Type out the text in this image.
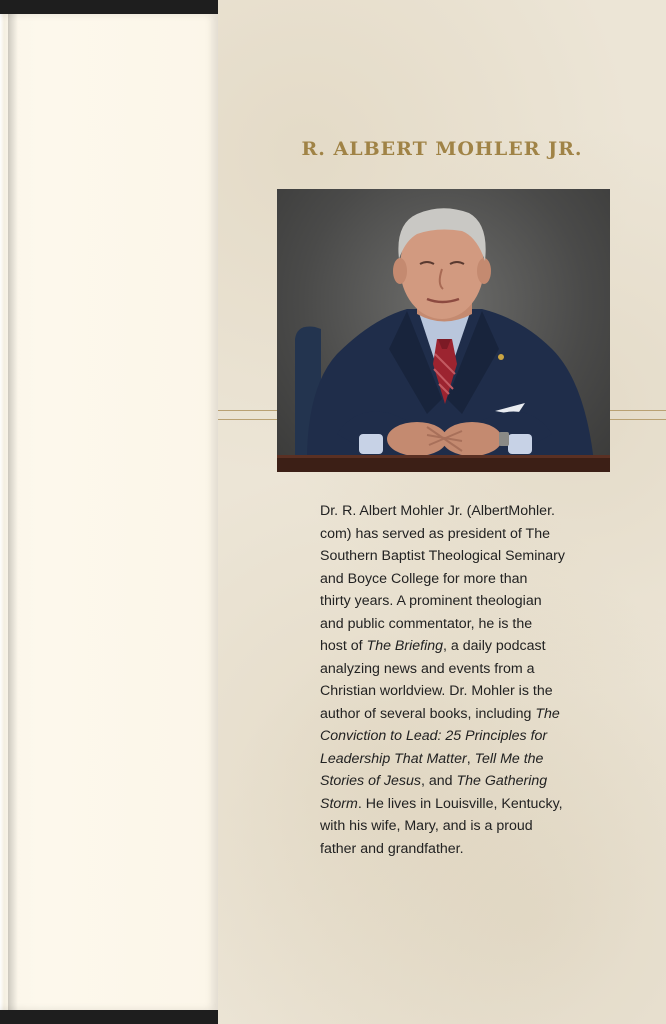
R. ALBERT MOHLER JR.
Dr. R. Albert Mohler Jr. (AlbertMohler.
com) has served as president of The
Southern Baptist Theological Seminary
and Boyce College for more than
thirty years. A prominent theologian
and public commentator, he is the
host of The Briefing, a daily podcast
analyzing news and events from a
Christian worldview. Dr. Mohler is the
author of several books, including The
Conviction to Lead: 25 Principles for
Leadership That Matter, Tell Me the
Stories of Jesus, and The Gathering
Storm. He lives in Louisville, Kentucky,
with his wife, Mary, and is a proud
father and grandfather.
